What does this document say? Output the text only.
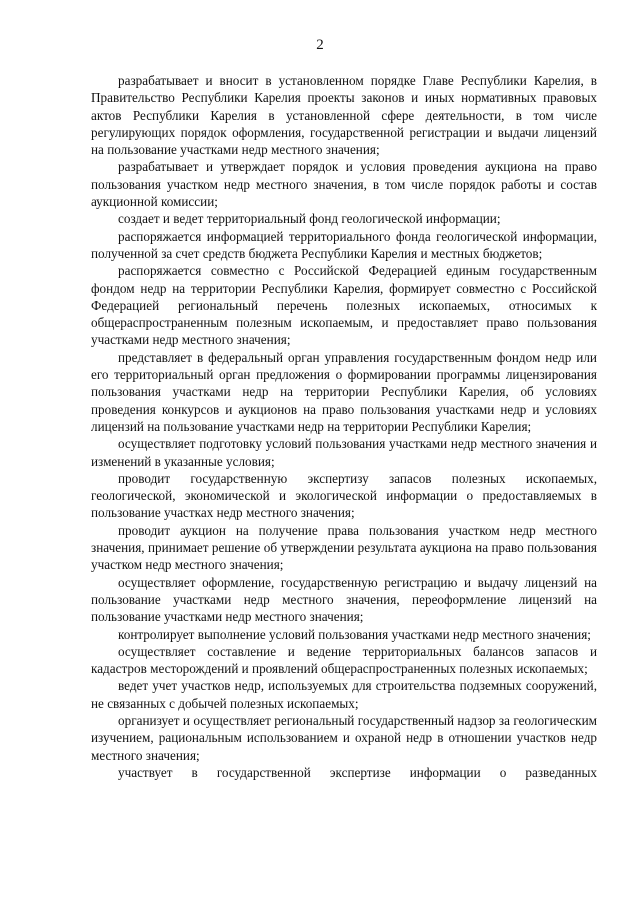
2

разрабатывает и вносит в установленном порядке Главе Республики Карелия, в Правительство Республики Карелия проекты законов и иных нормативных правовых актов Республики Карелия в установленной сфере деятельности, в том числе регулирующих порядок оформления, государственной регистрации и выдачи лицензий на пользование участками недр местного значения;

разрабатывает и утверждает порядок и условия проведения аукциона на право пользования участком недр местного значения, в том числе порядок работы и состав аукционной комиссии;

создает и ведет территориальный фонд геологической информации;

распоряжается информацией территориального фонда геологической информации, полученной за счет средств бюджета Республики Карелия и местных бюджетов;

распоряжается совместно с Российской Федерацией единым государственным фондом недр на территории Республики Карелия, формирует совместно с Российской Федерацией региональный перечень полезных ископаемых, относимых к общераспространенным полезным ископаемым, и предоставляет право пользования участками недр местного значения;

представляет в федеральный орган управления государственным фондом недр или его территориальный орган предложения о формировании программы лицензирования пользования участками недр на территории Республики Карелия, об условиях проведения конкурсов и аукционов на право пользования участками недр и условиях лицензий на пользование участками недр на территории Республики Карелия;

осуществляет подготовку условий пользования участками недр местного значения и изменений в указанные условия;

проводит государственную экспертизу запасов полезных ископаемых, геологической, экономической и экологической информации о предоставляемых в пользование участках недр местного значения;

проводит аукцион на получение права пользования участком недр местного значения, принимает решение об утверждении результата аукциона на право пользования участком недр местного значения;

осуществляет оформление, государственную регистрацию и выдачу лицензий на пользование участками недр местного значения, переоформление лицензий на пользование участками недр местного значения;

контролирует выполнение условий пользования участками недр местного значения;

осуществляет составление и ведение территориальных балансов запасов и кадастров месторождений и проявлений общераспространенных полезных ископаемых;

ведет учет участков недр, используемых для строительства подземных сооружений, не связанных с добычей полезных ископаемых;

организует и осуществляет региональный государственный надзор за геологическим изучением, рациональным использованием и охраной недр в отношении участков недр местного значения;

участвует в государственной экспертизе информации о разведанных
